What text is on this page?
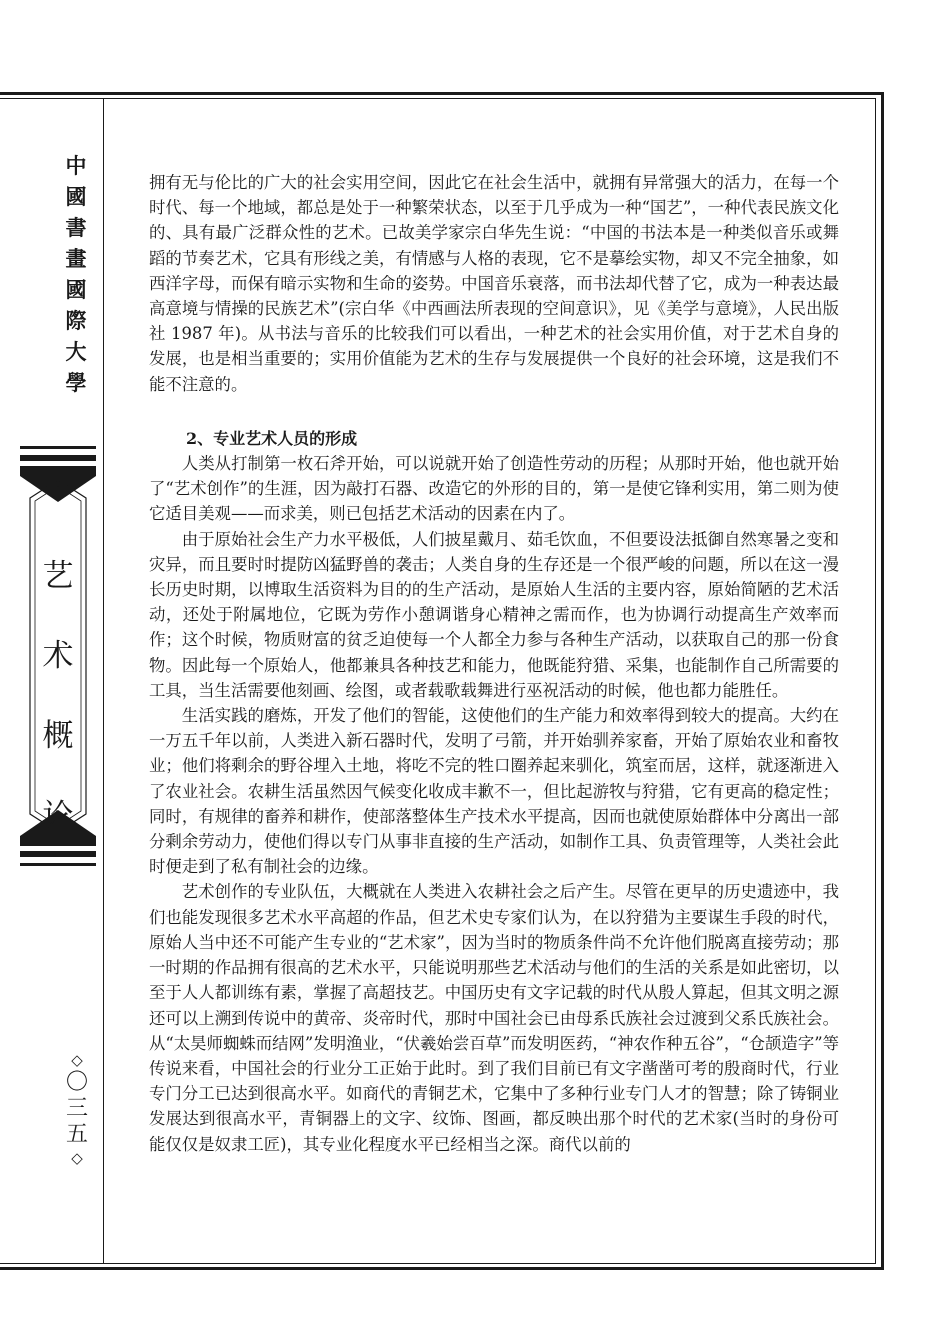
中
國
書
畫
國
際
大
學
艺
术
概
论
◇
〇
三
五
◇

拥有无与伦比的广大的社会实用空间，因此它在社会生活中，就拥有异常强大的活力，在每一个时代、每一个地域，都总是处于一种繁荣状态，以至于几乎成为一种“国艺”，一种代表民族文化的、具有最广泛群众性的艺术。已故美学家宗白华先生说：“中国的书法本是一种类似音乐或舞蹈的节奏艺术，它具有形线之美，有情感与人格的表现，它不是摹绘实物，却又不完全抽象，如西洋字母，而保有暗示实物和生命的姿势。中国音乐衰落，而书法却代替了它，成为一种表达最高意境与情操的民族艺术”(宗白华《中西画法所表现的空间意识》，见《美学与意境》，人民出版社 1987 年)。从书法与音乐的比较我们可以看出，一种艺术的社会实用价值，对于艺术自身的发展，也是相当重要的；实用价值能为艺术的生存与发展提供一个良好的社会环境，这是我们不能不注意的。

2、专业艺术人员的形成

人类从打制第一枚石斧开始，可以说就开始了创造性劳动的历程；从那时开始，他也就开始了“艺术创作”的生涯，因为敲打石器、改造它的外形的目的，第一是使它锋利实用，第二则为使它适目美观——而求美，则已包括艺术活动的因素在内了。

由于原始社会生产力水平极低，人们披星戴月、茹毛饮血，不但要设法抵御自然寒暑之变和灾异，而且要时时提防凶猛野兽的袭击；人类自身的生存还是一个很严峻的问题，所以在这一漫长历史时期，以博取生活资料为目的的生产活动，是原始人生活的主要内容，原始简陋的艺术活动，还处于附属地位，它既为劳作小憩调谐身心精神之需而作，也为协调行动提高生产效率而作；这个时候，物质财富的贫乏迫使每一个人都全力参与各种生产活动，以获取自己的那一份食物。因此每一个原始人，他都兼具各种技艺和能力，他既能狩猎、采集，也能制作自己所需要的工具，当生活需要他刻画、绘图，或者载歌载舞进行巫祝活动的时候，他也都力能胜任。

生活实践的磨炼，开发了他们的智能，这使他们的生产能力和效率得到较大的提高。大约在一万五千年以前，人类进入新石器时代，发明了弓箭，并开始驯养家畜，开始了原始农业和畜牧业；他们将剩余的野谷埋入土地，将吃不完的牲口圈养起来驯化，筑室而居，这样，就逐渐进入了农业社会。农耕生活虽然因气候变化收成丰歉不一，但比起游牧与狩猎，它有更高的稳定性；同时，有规律的畜养和耕作，使部落整体生产技术水平提高，因而也就使原始群体中分离出一部分剩余劳动力，使他们得以专门从事非直接的生产活动，如制作工具、负责管理等，人类社会此时便走到了私有制社会的边缘。

艺术创作的专业队伍，大概就在人类进入农耕社会之后产生。尽管在更早的历史遗迹中，我们也能发现很多艺术水平高超的作品，但艺术史专家们认为，在以狩猎为主要谋生手段的时代，原始人当中还不可能产生专业的“艺术家”，因为当时的物质条件尚不允许他们脱离直接劳动；那一时期的作品拥有很高的艺术水平，只能说明那些艺术活动与他们的生活的关系是如此密切，以至于人人都训练有素，掌握了高超技艺。中国历史有文字记载的时代从殷人算起，但其文明之源还可以上溯到传说中的黄帝、炎帝时代，那时中国社会已由母系氏族社会过渡到父系氏族社会。从“太昊师蜘蛛而结网”发明渔业，“伏羲始尝百草”而发明医药，“神农作种五谷”，“仓颉造字”等传说来看，中国社会的行业分工正始于此时。到了我们目前已有文字凿凿可考的殷商时代，行业专门分工已达到很高水平。如商代的青铜艺术，它集中了多种行业专门人才的智慧；除了铸铜业发展达到很高水平，青铜器上的文字、纹饰、图画，都反映出那个时代的艺术家(当时的身份可能仅仅是奴隶工匠)，其专业化程度水平已经相当之深。商代以前的
